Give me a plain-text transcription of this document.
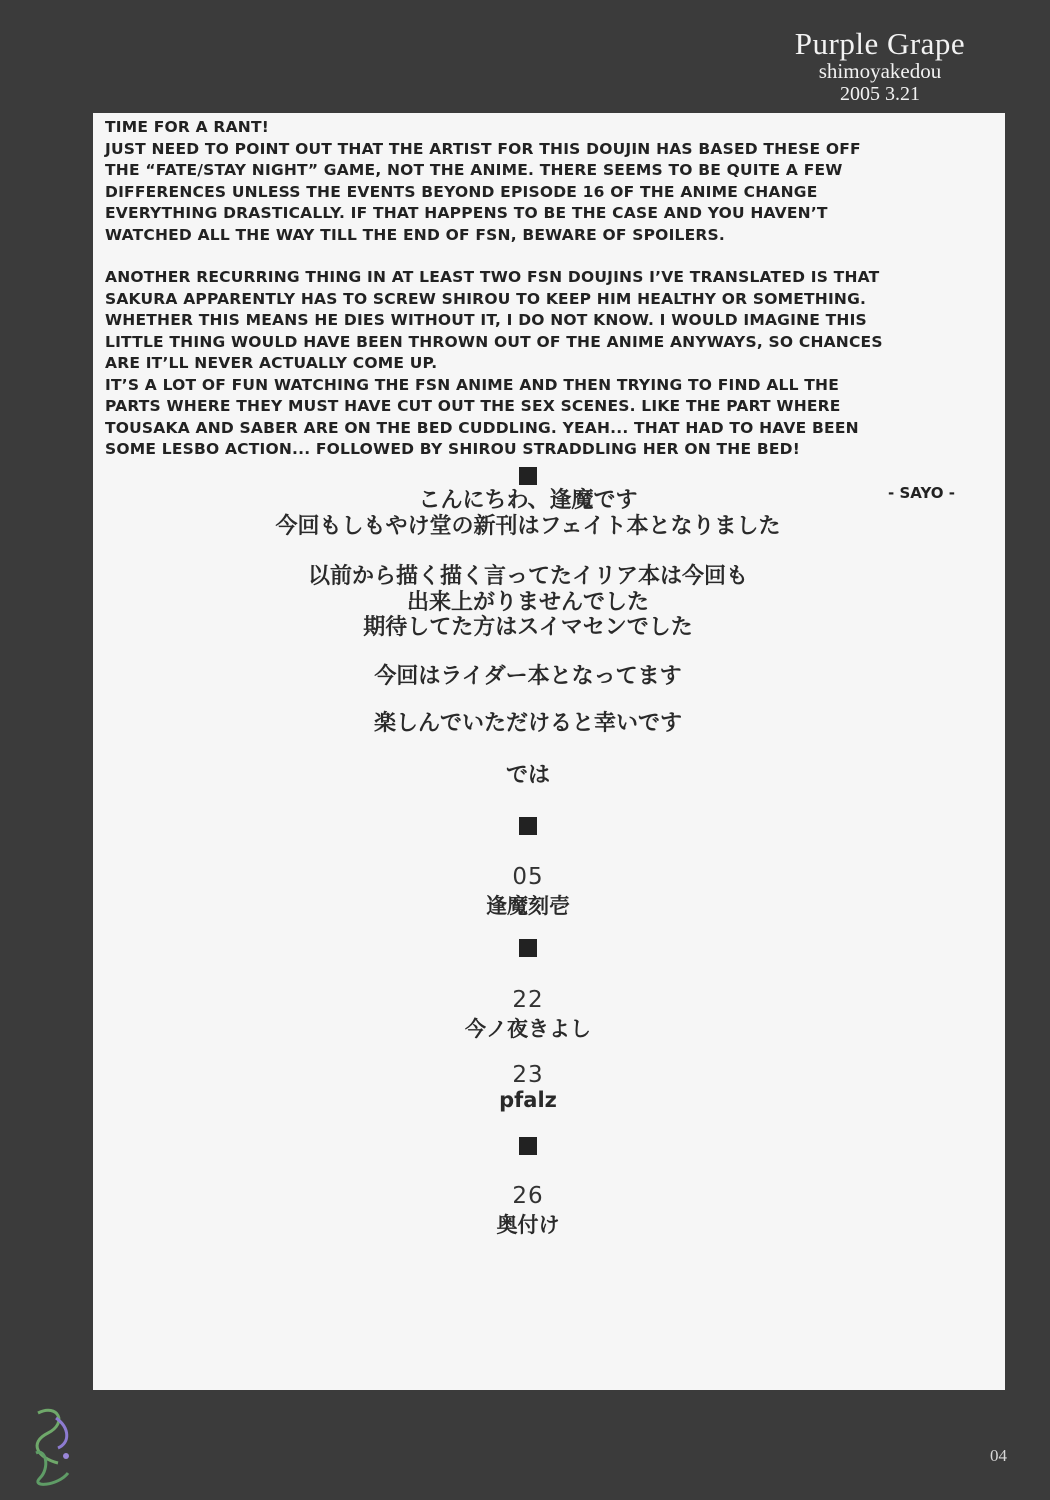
Purple Grape
shimoyakedou
2005 3.21

TIME FOR A RANT!

JUST NEED TO POINT OUT THAT THE ARTIST FOR THIS DOUJIN HAS BASED THESE OFF

THE “FATE/STAY NIGHT” GAME, NOT THE ANIME. THERE SEEMS TO BE QUITE A FEW

DIFFERENCES UNLESS THE EVENTS BEYOND EPISODE 16 OF THE ANIME CHANGE

EVERYTHING DRASTICALLY. IF THAT HAPPENS TO BE THE CASE AND YOU HAVEN’T

WATCHED ALL THE WAY TILL THE END OF FSN, BEWARE OF SPOILERS.

ANOTHER RECURRING THING IN AT LEAST TWO FSN DOUJINS I’VE TRANSLATED IS THAT

SAKURA APPARENTLY HAS TO SCREW SHIROU TO KEEP HIM HEALTHY OR SOMETHING.

WHETHER THIS MEANS HE DIES WITHOUT IT, I DO NOT KNOW. I WOULD IMAGINE THIS

LITTLE THING WOULD HAVE BEEN THROWN OUT OF THE ANIME ANYWAYS, SO CHANCES

ARE IT’LL NEVER ACTUALLY COME UP.

IT’S A LOT OF FUN WATCHING THE FSN ANIME AND THEN TRYING TO FIND ALL THE

PARTS WHERE THEY MUST HAVE CUT OUT THE SEX SCENES. LIKE THE PART WHERE

TOUSAKA AND SABER ARE ON THE BED CUDDLING. YEAH... THAT HAD TO HAVE BEEN

SOME LESBO ACTION... FOLLOWED BY SHIROU STRADDLING HER ON THE BED!

- SAYO -
こんにちわ、逢魔です
今回もしもやけ堂の新刊はフェイト本となりました
以前から描く描く言ってたイリア本は今回も
出来上がりませんでした
期待してた方はスイマセンでした
今回はライダー本となってます
楽しんでいただけると幸いです
では
05
逢魔刻壱
22
今ノ夜きよし
23
pfalz
26
奥付け
04
